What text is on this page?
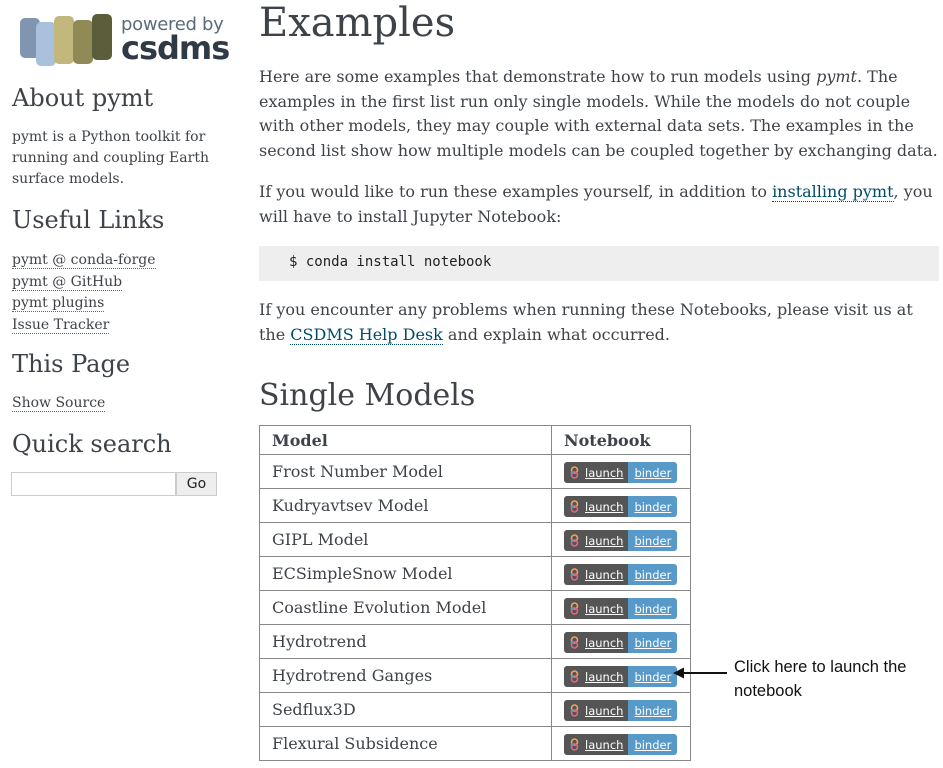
powered by
csdms
About pymt

pymt is a Python toolkit for running and coupling Earth surface models.

Useful Links
pymt @ conda-forge
pymt @ GitHub
pymt plugins
Issue Tracker
This Page
Show Source
Quick search
Go
Examples

Here are some examples that demonstrate how to run models using pymt. The examples in the first list run only single models. While the models do not couple with other models, they may couple with external data sets. The examples in the second list show how multiple models can be coupled together by exchanging data.

If you would like to run these examples yourself, in addition to installing pymt, you will have to install Jupyter Notebook:

$ conda install notebook

If you encounter any problems when running these Notebooks, please visit us at the CSDMS Help Desk and explain what occurred.

Single Models
Model	Notebook
Frost Number Model	launch binder

Kudryavtsev Model	launch binder

GIPL Model	launch binder

ECSimpleSnow Model	launch binder

Coastline Evolution Model	launch binder

Hydrotrend	launch binder

Hydrotrend Ganges	launch binder

Sedflux3D	launch binder

Flexural Subsidence	launch binder

Click here to launch the notebook
